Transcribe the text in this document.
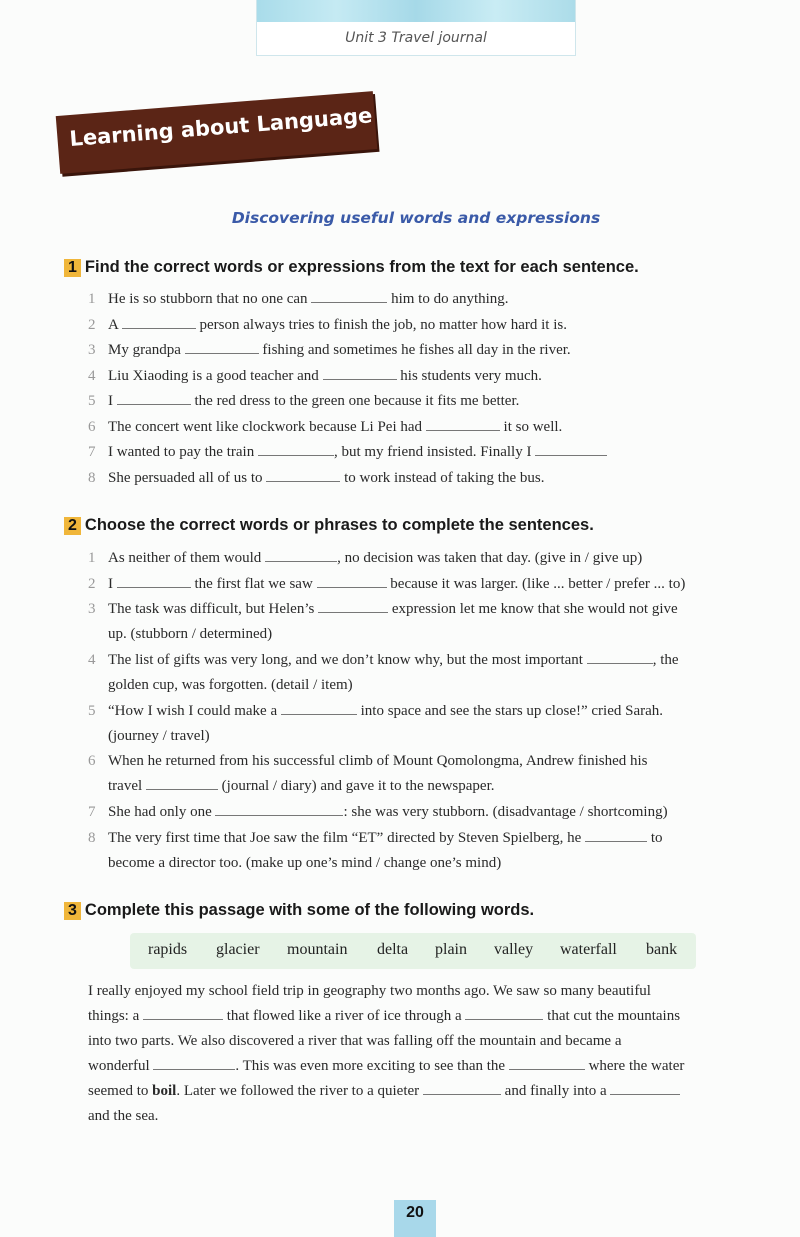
Unit 3 Travel journal
Learning about Language
Discovering useful words and expressions
1 Find the correct words or expressions from the text for each sentence.
1 He is so stubborn that no one can	him to do anything.
2 A	person always tries to finish the job, no matter how hard it is.
3 My grandpa	fishing and sometimes he fishes all day in the river.
4 Liu Xiaoding is a good teacher and	his students very much.
5 I	the red dress to the green one because it fits me better.
6 The concert went like clockwork because Li Pei had	it so well.
7 I wanted to pay the train	, but my friend insisted. Finally I
8 She persuaded all of us to	to work instead of taking the bus.
2 Choose the correct words or phrases to complete the sentences.
1 As neither of them would	, no decision was taken that day. (give in / give up)
2 I	the first flat we saw	because it was larger. (like ... better / prefer ... to)
3 The task was difficult, but Helen’s	expression let me know that she would not give
up. (stubborn / determined)
4 The list of gifts was very long, and we don’t know why, but the most important	, the
golden cup, was forgotten. (detail / item)
5 “How I wish I could make a	into space and see the stars up close!” cried Sarah.
(journey / travel)
6 When he returned from his successful climb of Mount Qomolongma, Andrew finished his
travel	(journal / diary) and gave it to the newspaper.
7 She had only one	: she was very stubborn. (disadvantage / shortcoming)
8 The very first time that Joe saw the film “ET” directed by Steven Spielberg, he	to
become a director too. (make up one’s mind / change one’s mind)
3 Complete this passage with some of the following words.
rapids glacier mountain delta plain valley waterfall bank
I really enjoyed my school field trip in geography two months ago. We saw so many beautiful
things: a	that flowed like a river of ice through a	that cut the mountains
into two parts. We also discovered a river that was falling off the mountain and became a
wonderful	. This was even more exciting to see than the	where the water
seemed to boil. Later we followed the river to a quieter	and finally into a
and the sea.
20
